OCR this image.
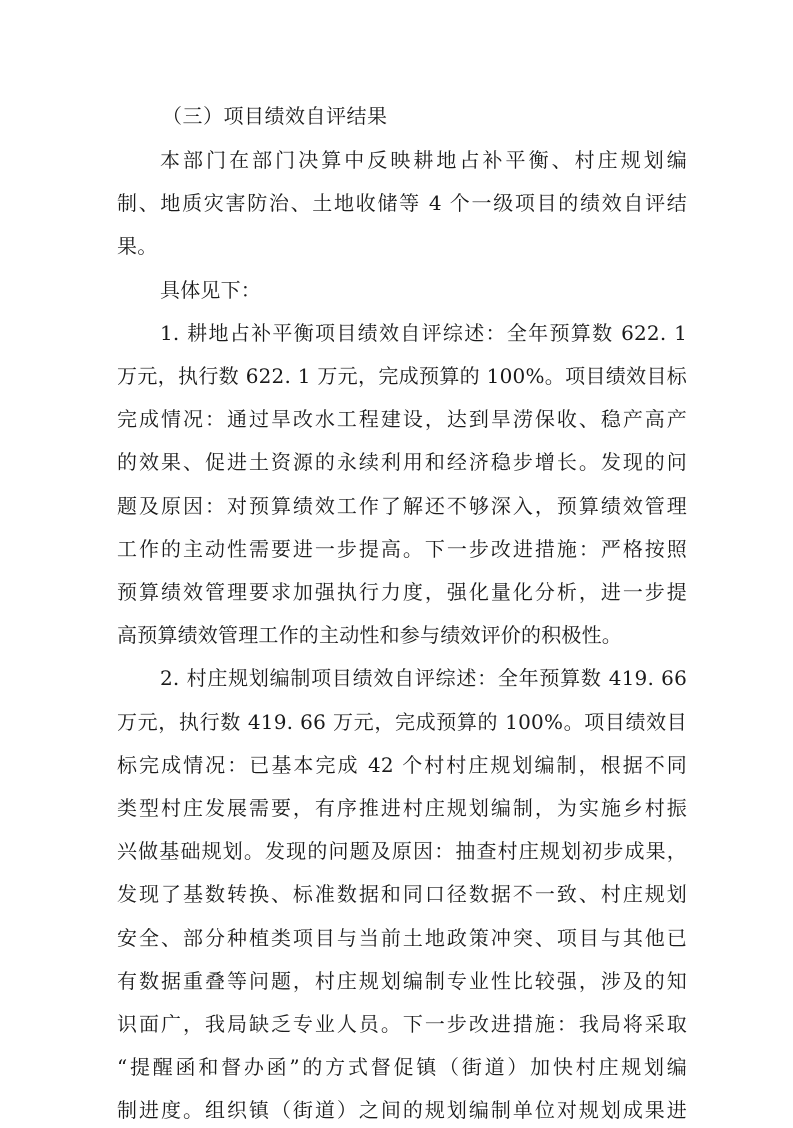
（三）项目绩效自评结果
本部门在部门决算中反映耕地占补平衡、村庄规划编
制、地质灾害防治、土地收储等 4 个一级项目的绩效自评结
果。
具体见下：
1. 耕地占补平衡项目绩效自评综述：全年预算数 622. 1
万元，执行数 622. 1 万元，完成预算的 100%。项目绩效目标
完成情况：通过旱改水工程建设，达到旱涝保收、稳产高产
的效果、促进土资源的永续利用和经济稳步增长。发现的问
题及原因：对预算绩效工作了解还不够深入，预算绩效管理
工作的主动性需要进一步提高。下一步改进措施：严格按照
预算绩效管理要求加强执行力度，强化量化分析，进一步提
高预算绩效管理工作的主动性和参与绩效评价的积极性。
2. 村庄规划编制项目绩效自评综述：全年预算数 419. 66
万元，执行数 419. 66 万元，完成预算的 100%。项目绩效目
标完成情况：已基本完成 42 个村村庄规划编制，根据不同
类型村庄发展需要，有序推进村庄规划编制，为实施乡村振
兴做基础规划。发现的问题及原因：抽查村庄规划初步成果，
发现了基数转换、标准数据和同口径数据不一致、村庄规划
安全、部分种植类项目与当前土地政策冲突、项目与其他已
有数据重叠等问题，村庄规划编制专业性比较强，涉及的知
识面广，我局缺乏专业人员。下一步改进措施：我局将采取
“提醒函和督办函”的方式督促镇（街道）加快村庄规划编
制进度。组织镇（街道）之间的规划编制单位对规划成果进
